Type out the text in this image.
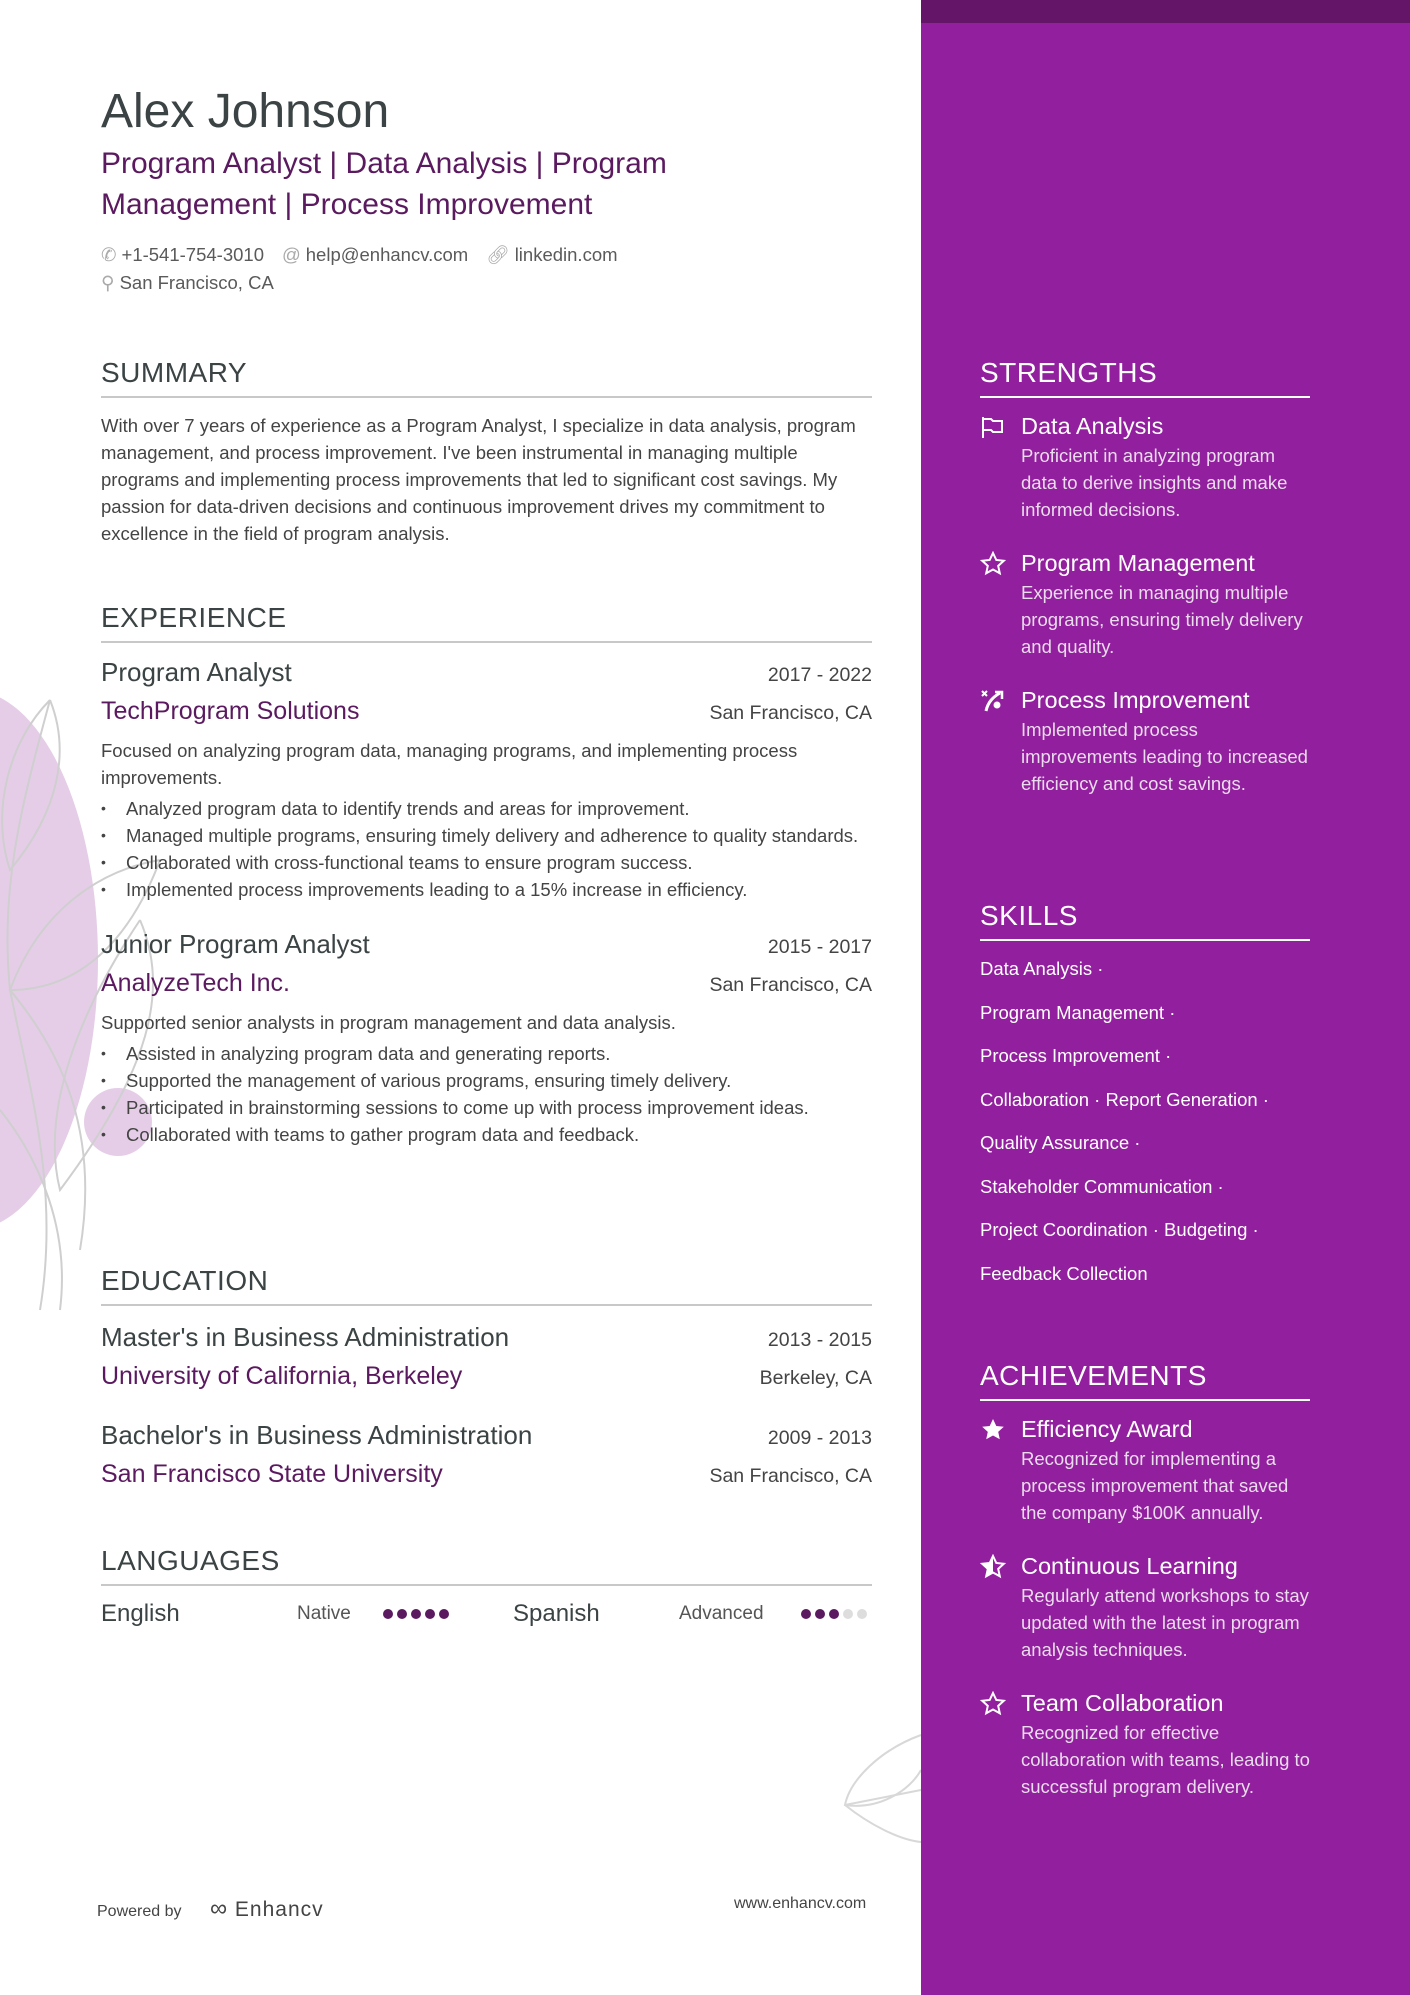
Alex Johnson
Program Analyst | Data Analysis | Program Management | Process Improvement
✆ +1-541-754-3010 @ help@enhancv.com 🔗︎ linkedin.com
⚲ San Francisco, CA
SUMMARY
With over 7 years of experience as a Program Analyst, I specialize in data analysis, program management, and process improvement. I've been instrumental in managing multiple programs and implementing process improvements that led to significant cost savings. My passion for data-driven decisions and continuous improvement drives my commitment to excellence in the field of program analysis.
EXPERIENCE
Program Analyst	2017 - 2022
TechProgram Solutions	San Francisco, CA
Focused on analyzing program data, managing programs, and implementing process improvements.
• Analyzed program data to identify trends and areas for improvement.
• Managed multiple programs, ensuring timely delivery and adherence to quality standards.
• Collaborated with cross-functional teams to ensure program success.
• Implemented process improvements leading to a 15% increase in efficiency.
Junior Program Analyst	2015 - 2017
AnalyzeTech Inc.	San Francisco, CA
Supported senior analysts in program management and data analysis.
• Assisted in analyzing program data and generating reports.
• Supported the management of various programs, ensuring timely delivery.
• Participated in brainstorming sessions to come up with process improvement ideas.
• Collaborated with teams to gather program data and feedback.
EDUCATION
Master's in Business Administration	2013 - 2015
University of California, Berkeley	Berkeley, CA
Bachelor's in Business Administration	2009 - 2013
San Francisco State University	San Francisco, CA
LANGUAGES
English	Native	Spanish	Advanced
Powered by ∞ Enhancv	www.enhancv.com
STRENGTHS
Data Analysis
Proficient in analyzing program data to derive insights and make informed decisions.
Program Management
Experience in managing multiple programs, ensuring timely delivery and quality.
Process Improvement
Implemented process improvements leading to increased efficiency and cost savings.
SKILLS
Data Analysis ·
Program Management ·
Process Improvement ·
Collaboration · Report Generation ·
Quality Assurance ·
Stakeholder Communication ·
Project Coordination · Budgeting ·
Feedback Collection
ACHIEVEMENTS
Efficiency Award
Recognized for implementing a process improvement that saved the company $100K annually.
Continuous Learning
Regularly attend workshops to stay updated with the latest in program analysis techniques.
Team Collaboration
Recognized for effective collaboration with teams, leading to successful program delivery.
